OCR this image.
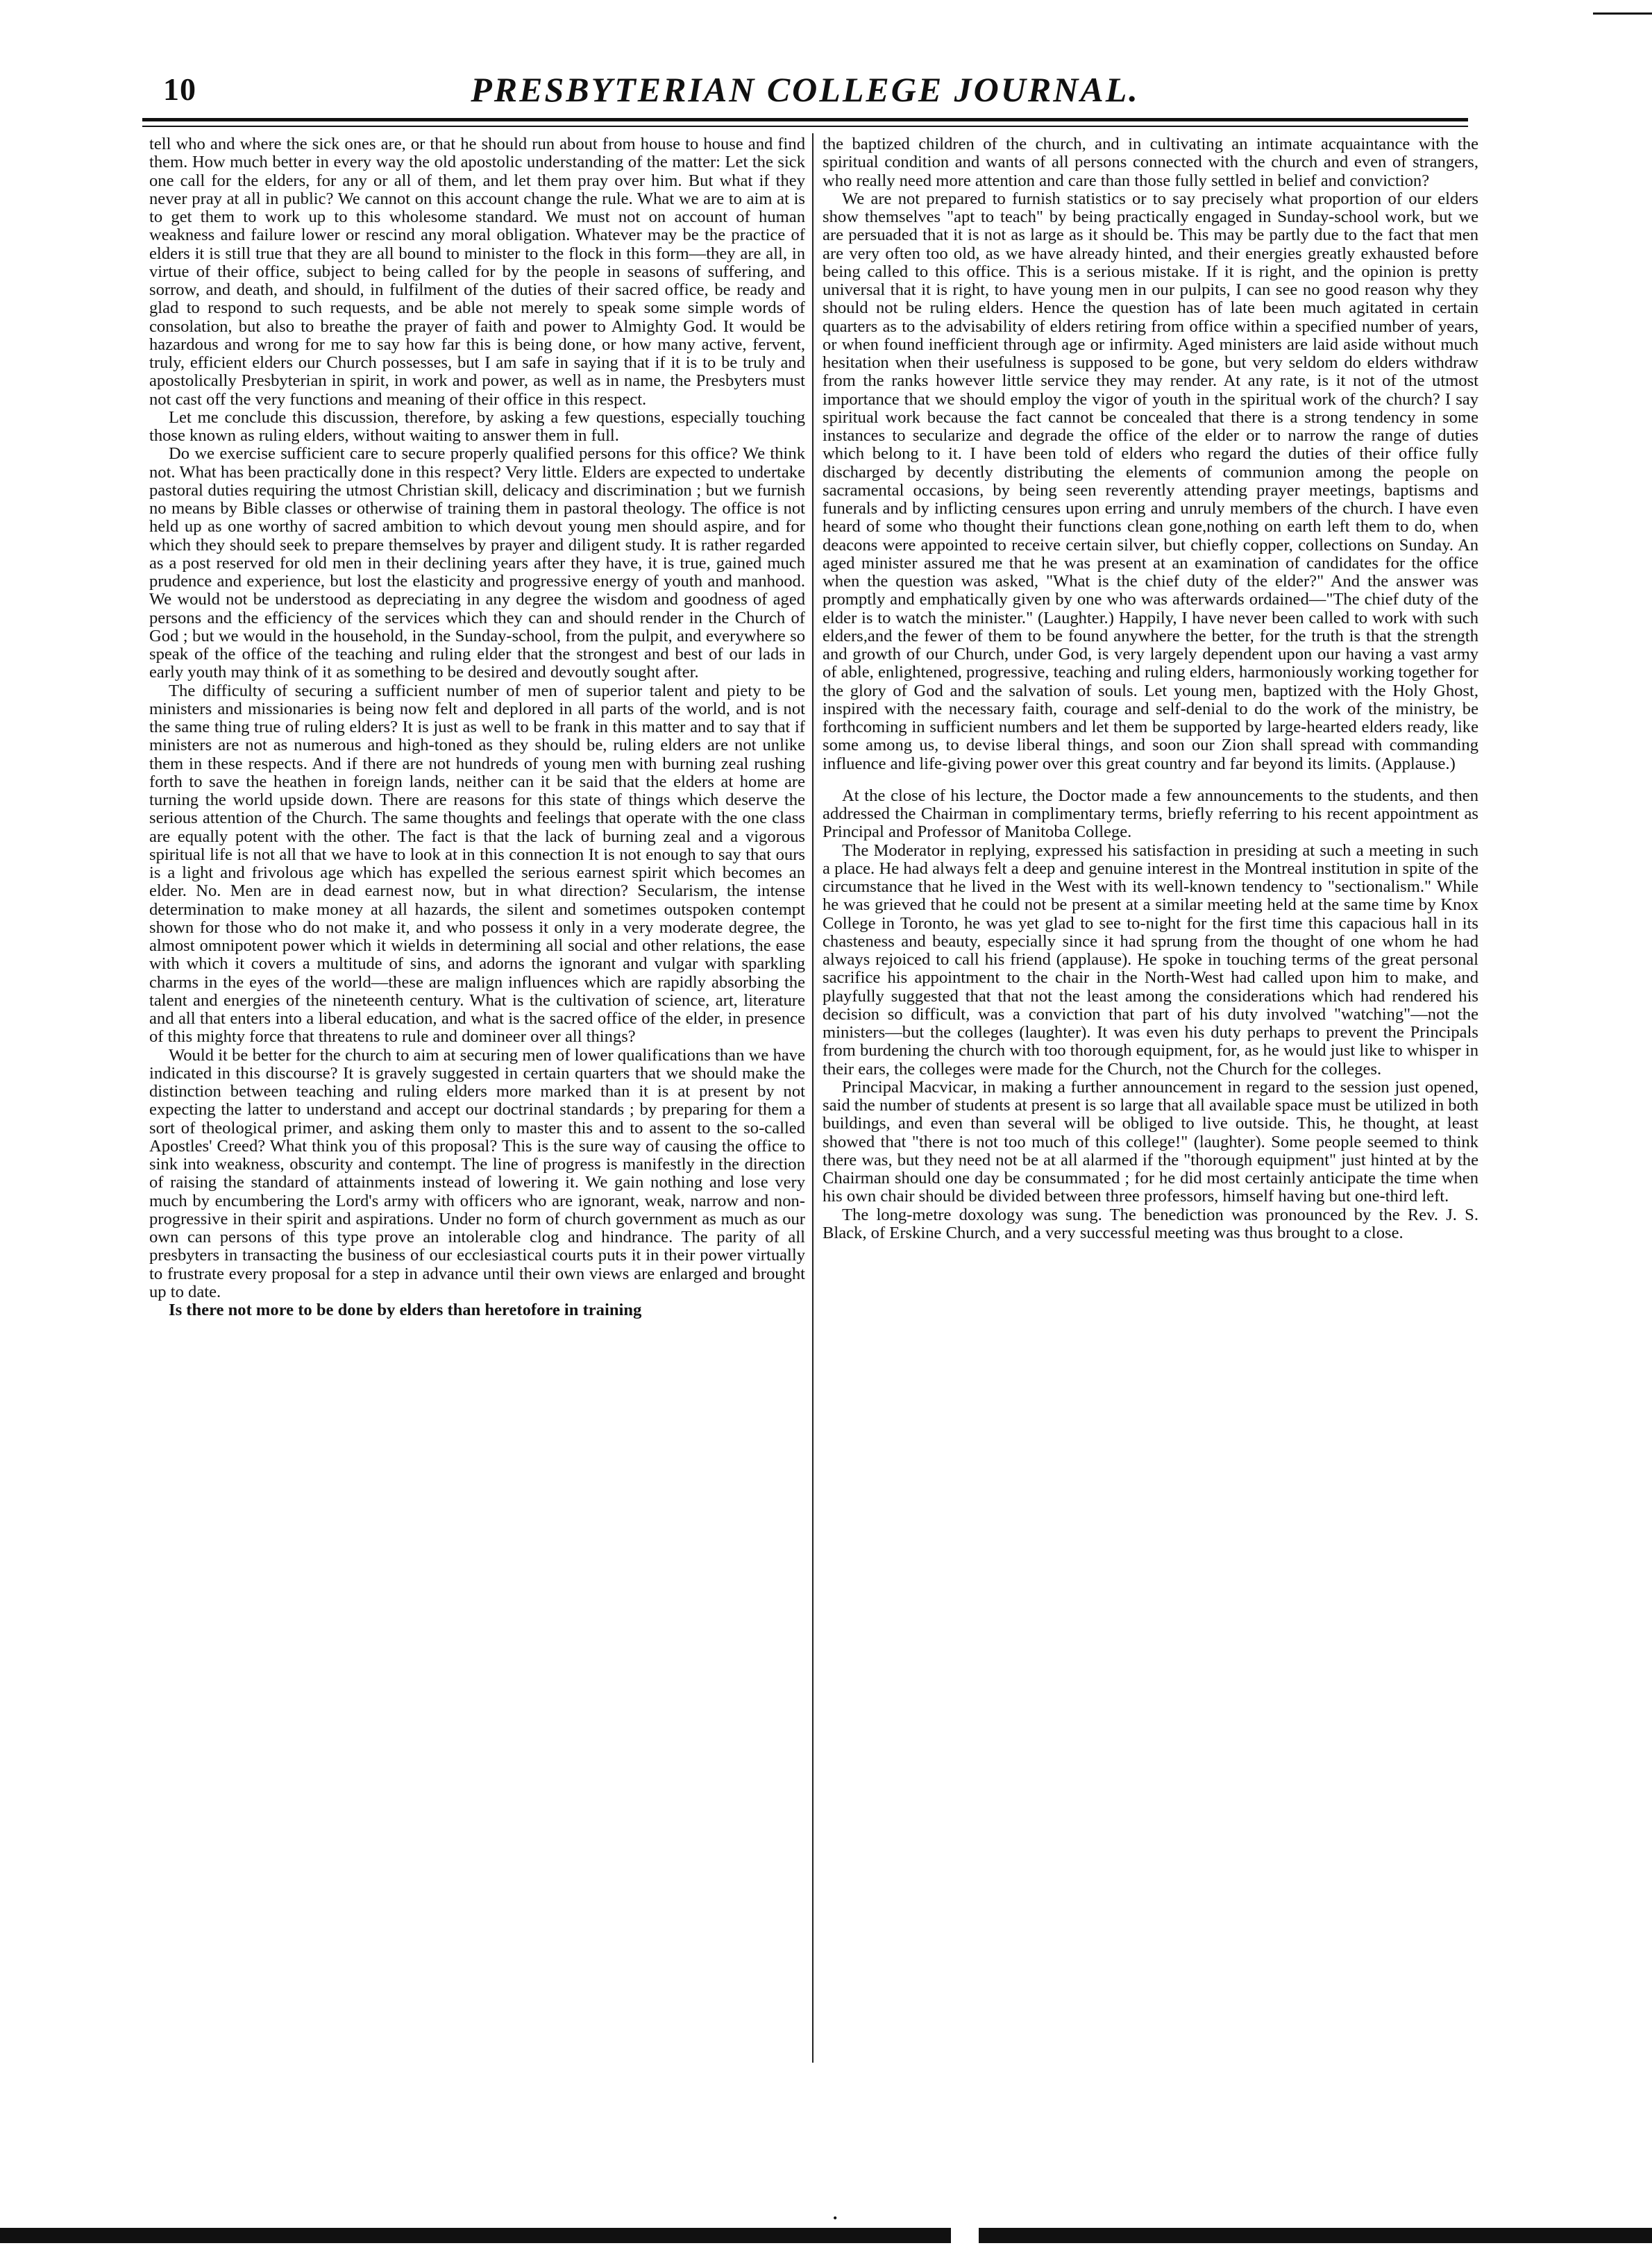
10	PRESBYTERIAN COLLEGE JOURNAL.

tell who and where the sick ones are, or that he should run about from house to house and find them. How much better in every way the old apostolic understanding of the matter: Let the sick one call for the elders, for any or all of them, and let them pray over him. But what if they never pray at all in public? We cannot on this account change the rule. What we are to aim at is to get them to work up to this wholesome standard. We must not on account of human weakness and failure lower or rescind any moral obligation. Whatever may be the practice of elders it is still true that they are all bound to minister to the flock in this form—they are all, in virtue of their office, subject to being called for by the people in seasons of suffering, and sorrow, and death, and should, in fulfilment of the duties of their sacred office, be ready and glad to respond to such requests, and be able not merely to speak some simple words of consolation, but also to breathe the prayer of faith and power to Almighty God. It would be hazardous and wrong for me to say how far this is being done, or how many active, fervent, truly, efficient elders our Church possesses, but I am safe in saying that if it is to be truly and apostolically Presbyterian in spirit, in work and power, as well as in name, the Presbyters must not cast off the very functions and meaning of their office in this respect.

Let me conclude this discussion, therefore, by asking a few questions, especially touching those known as ruling elders, without waiting to answer them in full.

Do we exercise sufficient care to secure properly qualified persons for this office? We think not. What has been practically done in this respect? Very little. Elders are expected to undertake pastoral duties requiring the utmost Christian skill, delicacy and discrimination ; but we furnish no means by Bible classes or otherwise of training them in pastoral theology. The office is not held up as one worthy of sacred ambition to which devout young men should aspire, and for which they should seek to prepare themselves by prayer and diligent study. It is rather regarded as a post reserved for old men in their declining years after they have, it is true, gained much prudence and experience, but lost the elasticity and progressive energy of youth and manhood. We would not be understood as depreciating in any degree the wisdom and goodness of aged persons and the efficiency of the services which they can and should render in the Church of God ; but we would in the household, in the Sunday-school, from the pulpit, and everywhere so speak of the office of the teaching and ruling elder that the strongest and best of our lads in early youth may think of it as something to be desired and devoutly sought after.

The difficulty of securing a sufficient number of men of superior talent and piety to be ministers and missionaries is being now felt and deplored in all parts of the world, and is not the same thing true of ruling elders? It is just as well to be frank in this matter and to say that if ministers are not as numerous and high-toned as they should be, ruling elders are not unlike them in these respects. And if there are not hundreds of young men with burning zeal rushing forth to save the heathen in foreign lands, neither can it be said that the elders at home are turning the world upside down. There are reasons for this state of things which deserve the serious attention of the Church. The same thoughts and feelings that operate with the one class are equally potent with the other. The fact is that the lack of burning zeal and a vigorous spiritual life is not all that we have to look at in this connection It is not enough to say that ours is a light and frivolous age which has expelled the serious earnest spirit which becomes an elder. No. Men are in dead earnest now, but in what direction? Secularism, the intense determination to make money at all hazards, the silent and sometimes outspoken contempt shown for those who do not make it, and who possess it only in a very moderate degree, the almost omnipotent power which it wields in determining all social and other relations, the ease with which it covers a multitude of sins, and adorns the ignorant and vulgar with sparkling charms in the eyes of the world—these are malign influences which are rapidly absorbing the talent and energies of the nineteenth century. What is the cultivation of science, art, literature and all that enters into a liberal education, and what is the sacred office of the elder, in presence of this mighty force that threatens to rule and domineer over all things?

Would it be better for the church to aim at securing men of lower qualifications than we have indicated in this discourse? It is gravely suggested in certain quarters that we should make the distinction between teaching and ruling elders more marked than it is at present by not expecting the latter to understand and accept our doctrinal standards ; by preparing for them a sort of theological primer, and asking them only to master this and to assent to the so-called Apostles' Creed? What think you of this proposal? This is the sure way of causing the office to sink into weakness, obscurity and contempt. The line of progress is manifestly in the direction of raising the standard of attainments instead of lowering it. We gain nothing and lose very much by encumbering the Lord's army with officers who are ignorant, weak, narrow and non-progressive in their spirit and aspirations. Under no form of church government as much as our own can persons of this type prove an intolerable clog and hindrance. The parity of all presbyters in transacting the business of our ecclesiastical courts puts it in their power virtually to frustrate every proposal for a step in advance until their own views are enlarged and brought up to date.

Is there not more to be done by elders than heretofore in training

the baptized children of the church, and in cultivating an intimate acquaintance with the spiritual condition and wants of all persons connected with the church and even of strangers, who really need more attention and care than those fully settled in belief and conviction?

We are not prepared to furnish statistics or to say precisely what proportion of our elders show themselves "apt to teach" by being practically engaged in Sunday-school work, but we are persuaded that it is not as large as it should be. This may be partly due to the fact that men are very often too old, as we have already hinted, and their energies greatly exhausted before being called to this office. This is a serious mistake. If it is right, and the opinion is pretty universal that it is right, to have young men in our pulpits, I can see no good reason why they should not be ruling elders. Hence the question has of late been much agitated in certain quarters as to the advisability of elders retiring from office within a specified number of years, or when found inefficient through age or infirmity. Aged ministers are laid aside without much hesitation when their usefulness is supposed to be gone, but very seldom do elders withdraw from the ranks however little service they may render. At any rate, is it not of the utmost importance that we should employ the vigor of youth in the spiritual work of the church? I say spiritual work because the fact cannot be concealed that there is a strong tendency in some instances to secularize and degrade the office of the elder or to narrow the range of duties which belong to it. I have been told of elders who regard the duties of their office fully discharged by decently distributing the elements of communion among the people on sacramental occasions, by being seen reverently attending prayer meetings, baptisms and funerals and by inflicting censures upon erring and unruly members of the church. I have even heard of some who thought their functions clean gone,nothing on earth left them to do, when deacons were appointed to receive certain silver, but chiefly copper, collections on Sunday. An aged minister assured me that he was present at an examination of candidates for the office when the question was asked, "What is the chief duty of the elder?" And the answer was promptly and emphatically given by one who was afterwards ordained—"The chief duty of the elder is to watch the minister." (Laughter.) Happily, I have never been called to work with such elders,and the fewer of them to be found anywhere the better, for the truth is that the strength and growth of our Church, under God, is very largely dependent upon our having a vast army of able, enlightened, progressive, teaching and ruling elders, harmoniously working together for the glory of God and the salvation of souls. Let young men, baptized with the Holy Ghost, inspired with the necessary faith, courage and self-denial to do the work of the ministry, be forthcoming in sufficient numbers and let them be supported by large-hearted elders ready, like some among us, to devise liberal things, and soon our Zion shall spread with commanding influence and life-giving power over this great country and far beyond its limits. (Applause.)

At the close of his lecture, the Doctor made a few announcements to the students, and then addressed the Chairman in complimentary terms, briefly referring to his recent appointment as Principal and Professor of Manitoba College.

The Moderator in replying, expressed his satisfaction in presiding at such a meeting in such a place. He had always felt a deep and genuine interest in the Montreal institution in spite of the circumstance that he lived in the West with its well-known tendency to "sectionalism." While he was grieved that he could not be present at a similar meeting held at the same time by Knox College in Toronto, he was yet glad to see to-night for the first time this capacious hall in its chasteness and beauty, especially since it had sprung from the thought of one whom he had always rejoiced to call his friend (applause). He spoke in touching terms of the great personal sacrifice his appointment to the chair in the North-West had called upon him to make, and playfully suggested that that not the least among the considerations which had rendered his decision so difficult, was a conviction that part of his duty involved "watching"—not the ministers—but the colleges (laughter). It was even his duty perhaps to prevent the Principals from burdening the church with too thorough equipment, for, as he would just like to whisper in their ears, the colleges were made for the Church, not the Church for the colleges.

Principal Macvicar, in making a further announcement in regard to the session just opened, said the number of students at present is so large that all available space must be utilized in both buildings, and even than several will be obliged to live outside. This, he thought, at least showed that "there is not too much of this college!" (laughter). Some people seemed to think there was, but they need not be at all alarmed if the "thorough equipment" just hinted at by the Chairman should one day be consummated ; for he did most certainly anticipate the time when his own chair should be divided between three professors, himself having but one-third left.

The long-metre doxology was sung. The benediction was pronounced by the Rev. J. S. Black, of Erskine Church, and a very successful meeting was thus brought to a close.

•
